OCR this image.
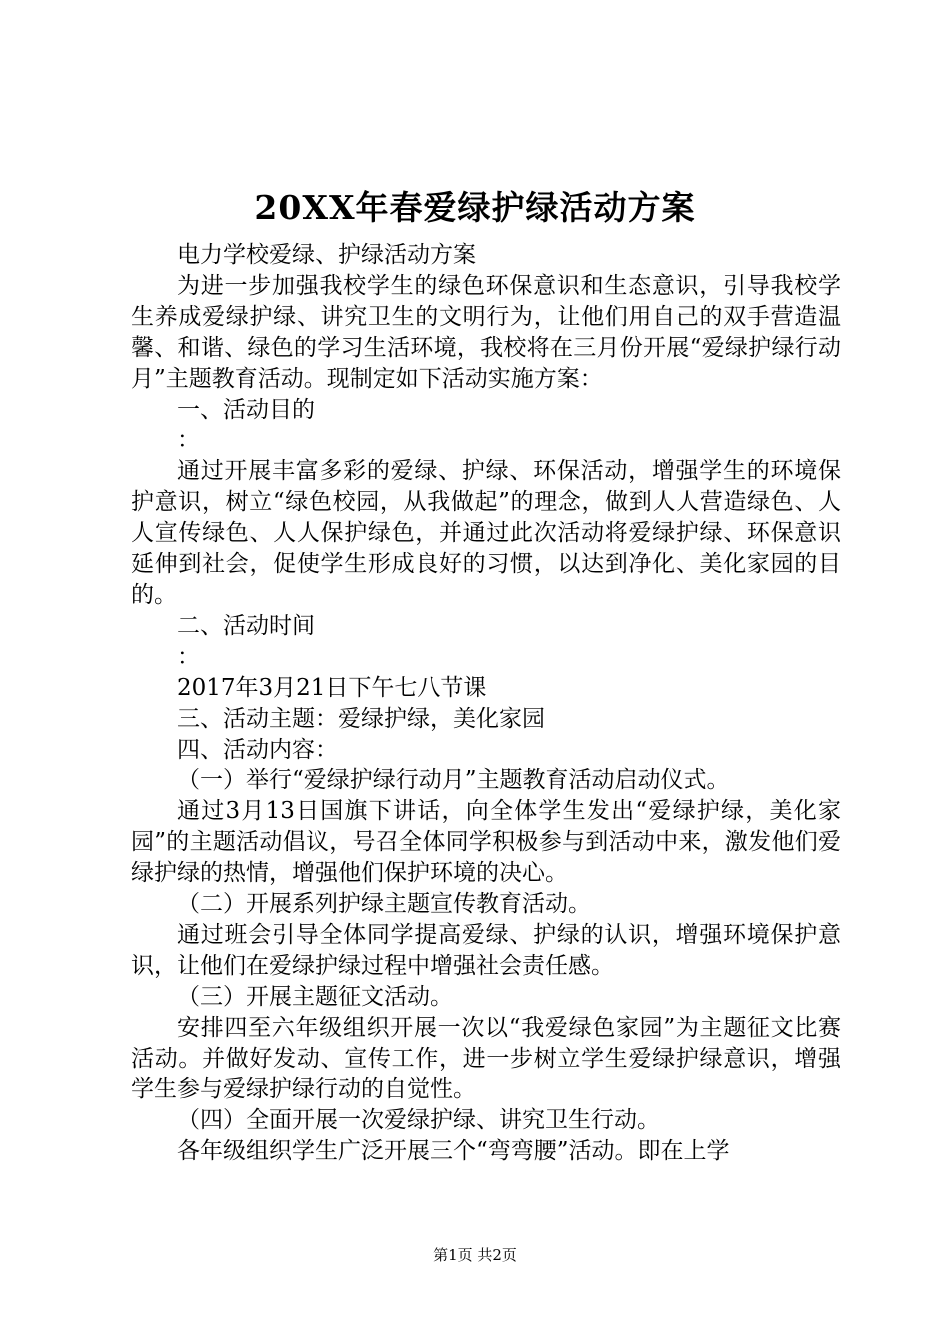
20XX年春爱绿护绿活动方案

电力学校爱绿、护绿活动方案

为进一步加强我校学生的绿色环保意识和生态意识，引导我校学生养成爱绿护绿、讲究卫生的文明行为，让他们用自己的双手营造温馨、和谐、绿色的学习生活环境，我校将在三月份开展“爱绿护绿行动月”主题教育活动。现制定如下活动实施方案：

一、活动目的

：

通过开展丰富多彩的爱绿、护绿、环保活动，增强学生的环境保护意识，树立“绿色校园，从我做起”的理念，做到人人营造绿色、人人宣传绿色、人人保护绿色，并通过此次活动将爱绿护绿、环保意识延伸到社会，促使学生形成良好的习惯，以达到净化、美化家园的目的。

二、活动时间

：

2017年3月21日下午七八节课

三、活动主题：爱绿护绿，美化家园

四、活动内容：

（一）举行“爱绿护绿行动月”主题教育活动启动仪式。

通过3月13日国旗下讲话，向全体学生发出“爱绿护绿，美化家园”的主题活动倡议，号召全体同学积极参与到活动中来，激发他们爱绿护绿的热情，增强他们保护环境的决心。

（二）开展系列护绿主题宣传教育活动。

通过班会引导全体同学提高爱绿、护绿的认识，增强环境保护意识，让他们在爱绿护绿过程中增强社会责任感。

（三）开展主题征文活动。

安排四至六年级组织开展一次以“我爱绿色家园”为主题征文比赛活动。并做好发动、宣传工作，进一步树立学生爱绿护绿意识，增强学生参与爱绿护绿行动的自觉性。

（四）全面开展一次爱绿护绿、讲究卫生行动。

各年级组织学生广泛开展三个“弯弯腰”活动。即在上学

第1页 共2页
